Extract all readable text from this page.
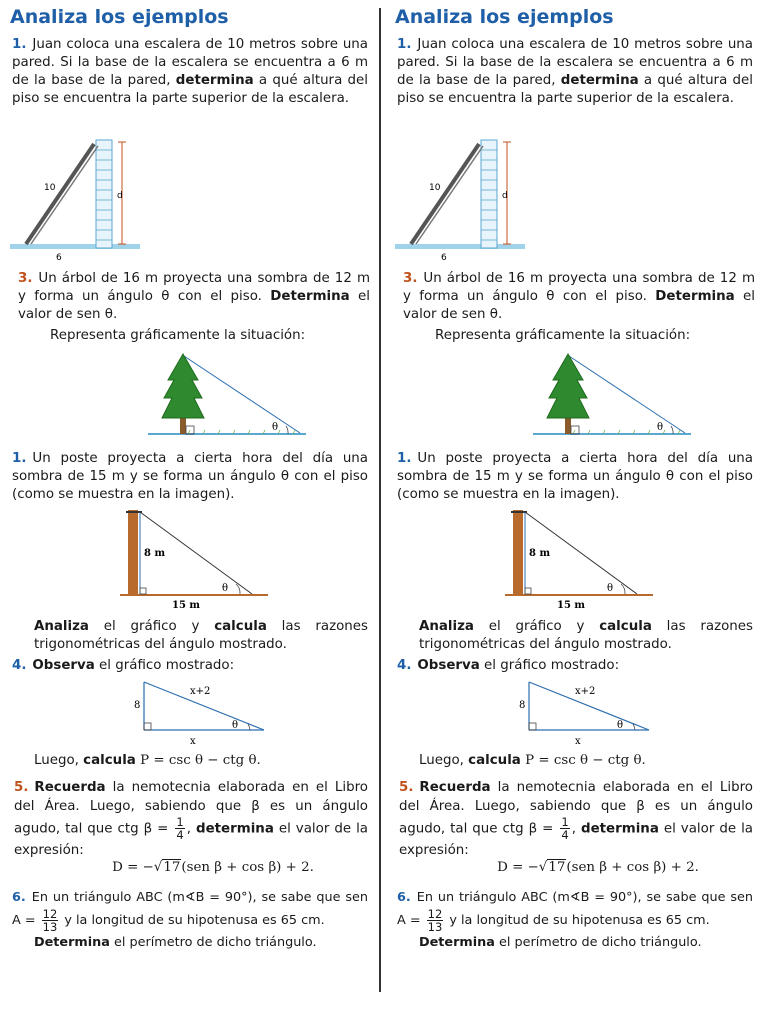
Analiza los ejemplos
1. Juan coloca una escalera de 10 metros sobre una pared. Si la base de la escalera se encuentra a 6 m de la base de la pared, determina a qué altura del piso se encuentra la parte superior de la escalera.
10
d
6
3. Un árbol de 16 m proyecta una sombra de 12 m y forma un ángulo θ con el piso. Determina el valor de sen θ.
Representa gráficamente la situación:
θ
1. Un poste proyecta a cierta hora del día una sombra de 15 m y se forma un ángulo θ con el piso (como se muestra en la imagen).
8 m
15 m
θ
Analiza el gráfico y calcula las razones trigonométricas del ángulo mostrado.
4. Observa el gráfico mostrado:
x+2
8
x
θ
Luego, calcula P = csc θ − ctg θ.
5. Recuerda la nemotecnia elaborada en el Libro del Área. Luego, sabiendo que β es un ángulo agudo, tal que ctg $\beta = \frac{1}{4}$ , determina el valor de la expresión:
D = −√17(sen β + cos β) + 2.
6. En un triángulo ABC (m∢B = 90°), se sabe que sen $A = \frac{12}{13}$ y la longitud de su hipotenusa es 65 cm.
Determina el perímetro de dicho triángulo.
Analiza los ejemplos
1. Juan coloca una escalera de 10 metros sobre una pared. Si la base de la escalera se encuentra a 6 m de la base de la pared, determina a qué altura del piso se encuentra la parte superior de la escalera.
10
d
6
3. Un árbol de 16 m proyecta una sombra de 12 m y forma un ángulo θ con el piso. Determina el valor de sen θ.
Representa gráficamente la situación:
θ
1. Un poste proyecta a cierta hora del día una sombra de 15 m y se forma un ángulo θ con el piso (como se muestra en la imagen).
8 m
15 m
θ
Analiza el gráfico y calcula las razones trigonométricas del ángulo mostrado.
4. Observa el gráfico mostrado:
x+2
8
x
θ
Luego, calcula P = csc θ − ctg θ.
5. Recuerda la nemotecnia elaborada en el Libro del Área. Luego, sabiendo que β es un ángulo agudo, tal que ctg $\beta = \frac{1}{4}$ , determina el valor de la expresión:
D = −√17(sen β + cos β) + 2.
6. En un triángulo ABC (m∢B = 90°), se sabe que sen $A = \frac{12}{13}$ y la longitud de su hipotenusa es 65 cm.
Determina el perímetro de dicho triángulo.
